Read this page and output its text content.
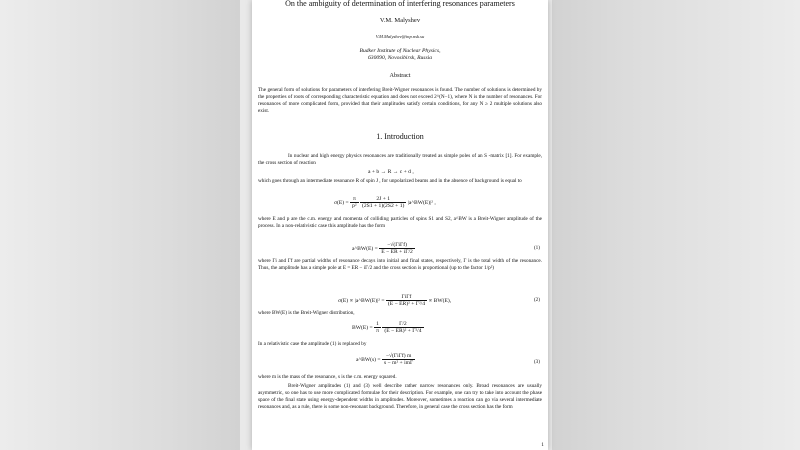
On the ambiguity of determination of interfering resonances parameters
V.M. Malyshev
V.M.Malyshev@inp.nsk.su
Budker Institute of Nuclear Physics,
630090, Novosibirsk, Russia
Abstract

The general form of solutions for parameters of interfering Breit-Wigner resonances is found. The number of solutions is determined by the properties of roots of corresponding characteristic equation and does not exceed 2^(N−1), where N is the number of resonances. For resonances of more complicated form, provided that their amplitudes satisfy certain conditions, for any N ≥ 2 multiple solutions also exist.

1. Introduction

In nuclear and high energy physics resonances are traditionally treated as simple poles of an S -matrix [1]. For example, the cross section of reaction

a + b → R → c + d ,

which goes through an intermediate resonance R of spin J , for unpolarized beams and in the absence of background is equal to

$\sigma(E) = \frac{\pi}{\text{p²}}$
$\frac{2J + 1}{(2S1 + 1)(2S2 + 1)}$ |a^BW(E)|² ,

where E and p are the c.m. energy and momenta of colliding particles of spins S1 and S2, a^BW is a Breit-Wigner amplitude of the process. In a non-relativistic case this amplitude has the form

a^BW(E) = $\frac{\text{−√(ΓiΓf)}}{E - ER + i\Gamma/2}$	(1)

where Γi and Γf are partial widths of resonance decays into initial and final states, respectively, Γ is the total width of the resonance. Thus, the amplitude has a simple pole at E = ER − iΓ/2 and the cross section is proportional (up to the factor 1/p²)

σ(E) ∝ |a^BW(E)|² = $\frac{\text{ΓiΓf}}{\text{(E − ER)² + Γ²/4}} \propto BW(E)$,	(2)

where BW(E) is the Breit-Wigner distribution,

$BW(E) = \frac{1}{\pi}$
$\frac{\Gamma/2}{\text{(E − ER)² + Γ²/4}}$

In a relativistic case the amplitude (1) is replaced by

a^BW(s) = $\frac{\text{−√(ΓiΓf) m}}{\text{s − m² + imΓ}}$	(3)

where m is the mass of the resonance, s is the c.m. energy squared.

Breit-Wigner amplitudes (1) and (3) well describe rather narrow resonances only. Broad resonances are usually asymmetric, so one has to use more complicated formulae for their description. For example, one can try to take into account the phase space of the final state using energy-dependent widths in amplitudes. Moreover, sometimes a reaction can go via several intermediate resonances and, as a rule, there is some non-resonant background. Therefore, in general case the cross section has the form

1
